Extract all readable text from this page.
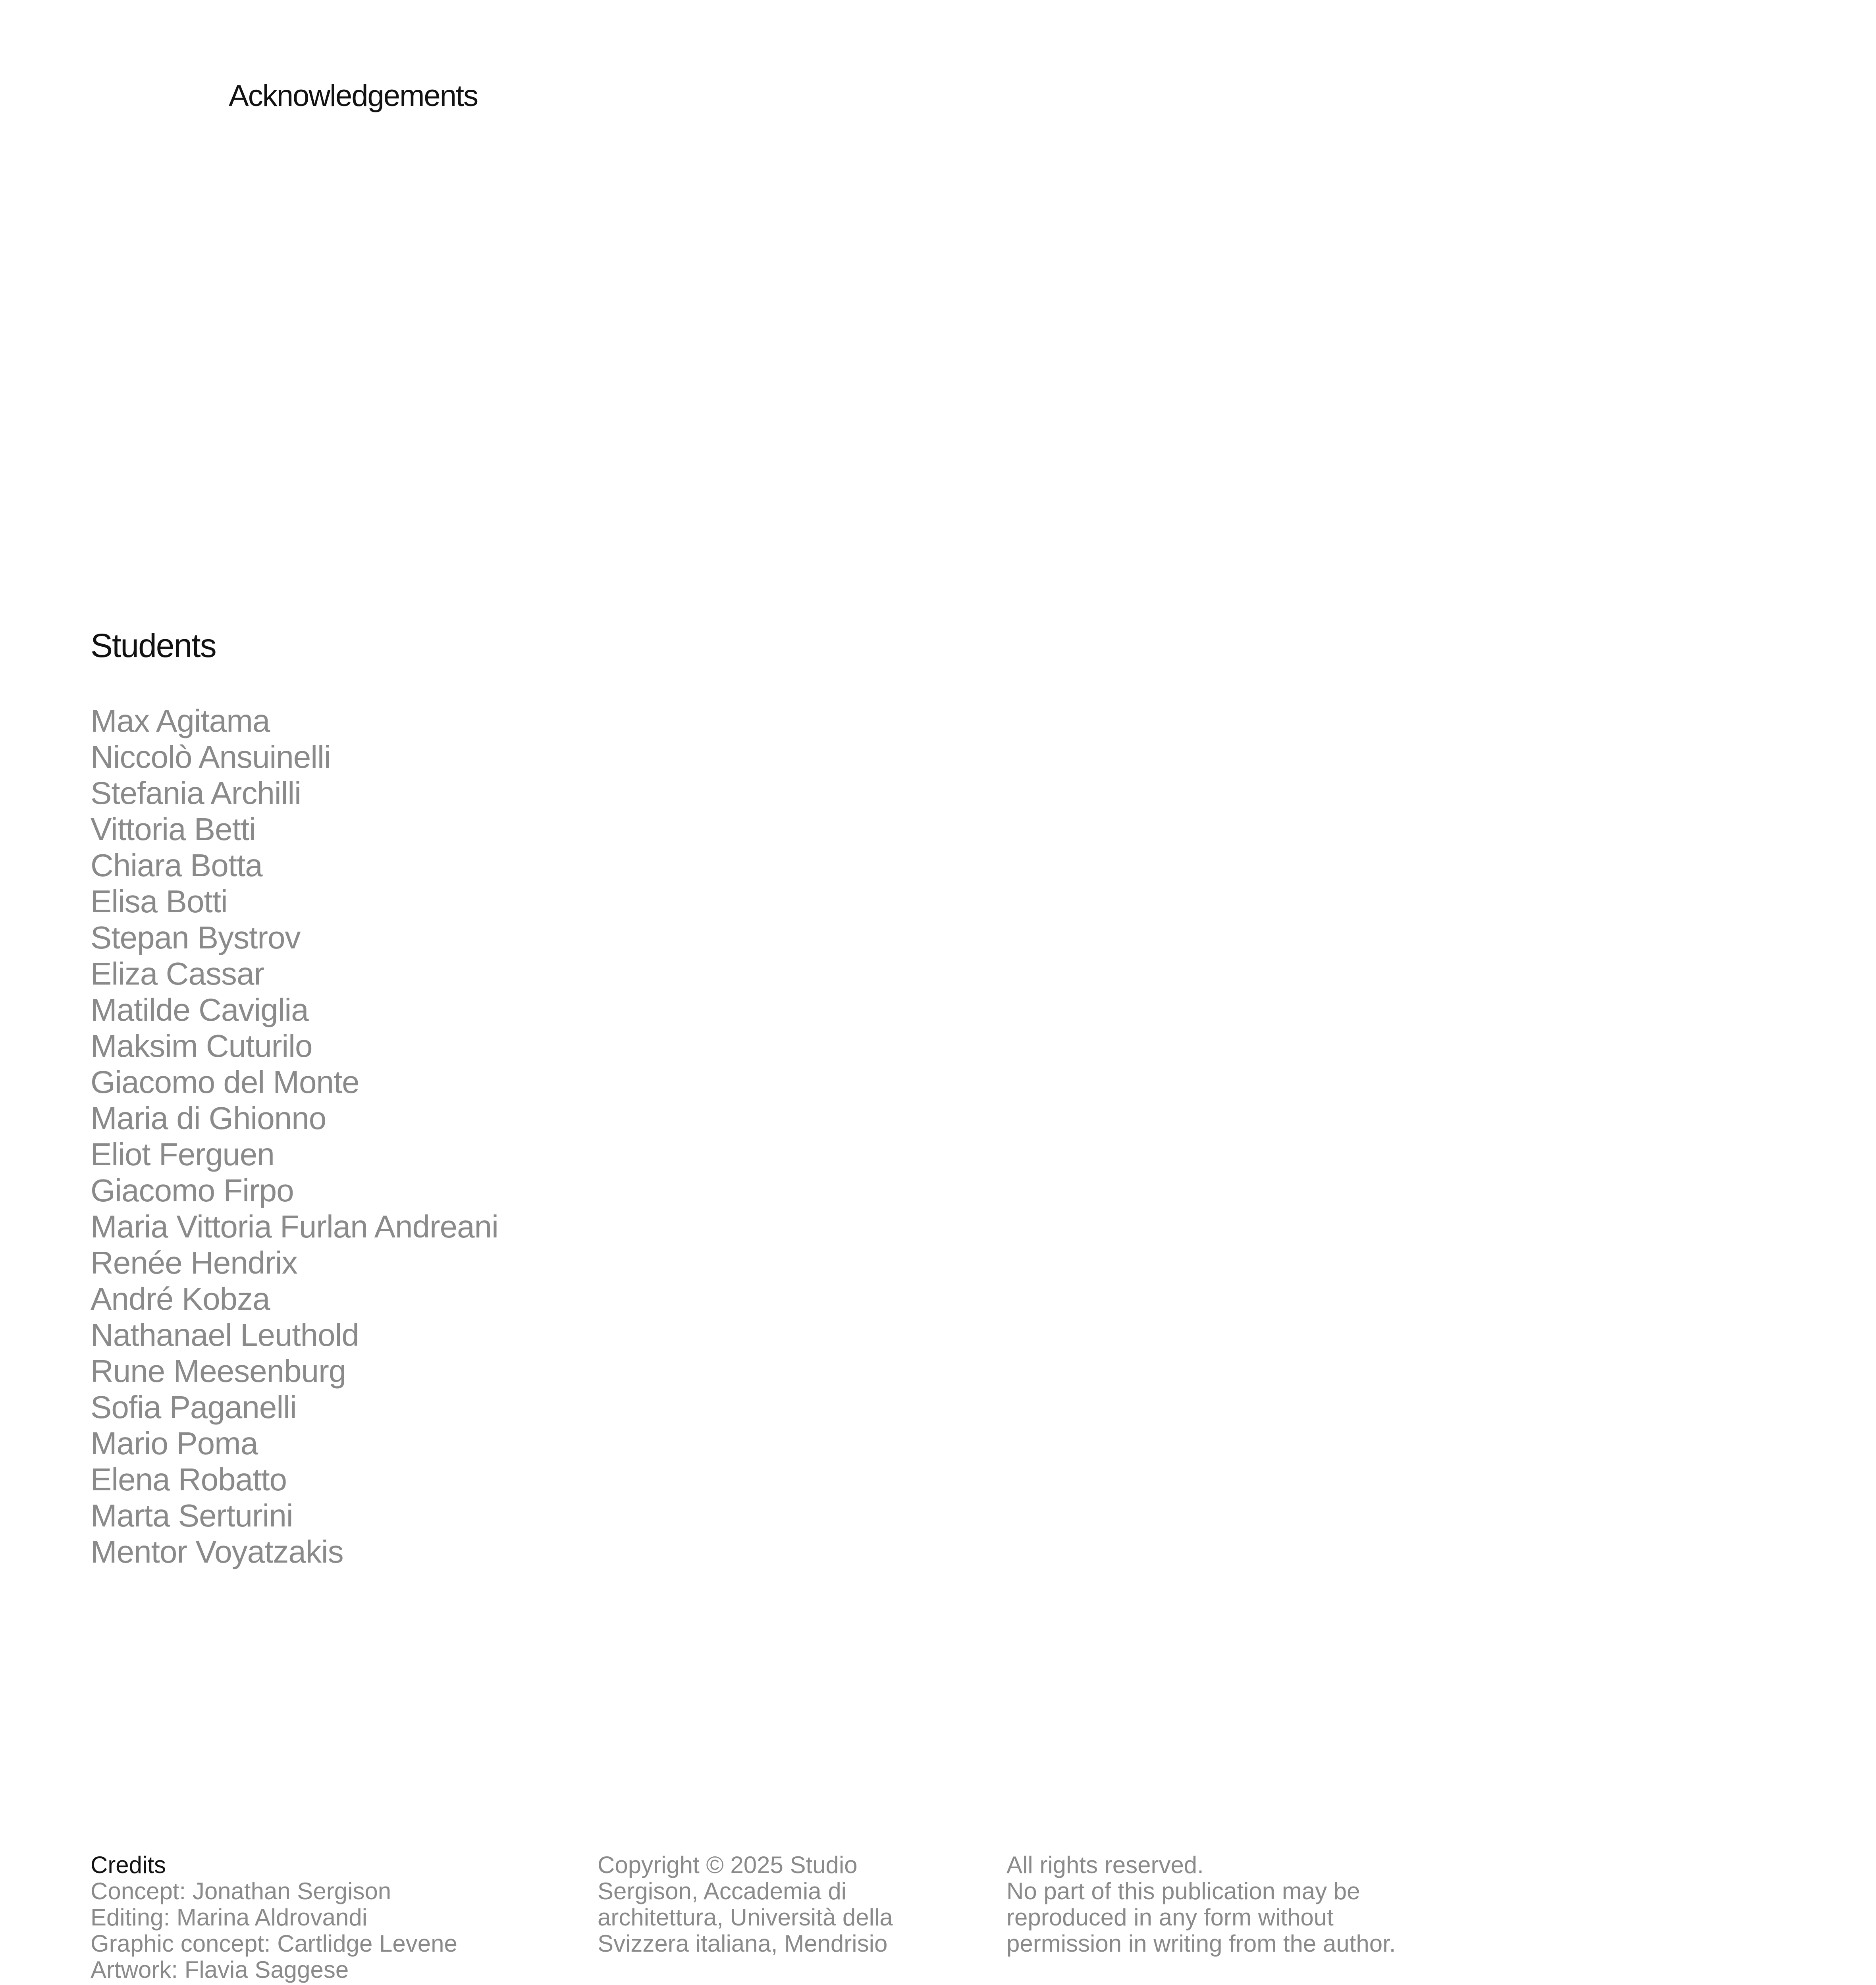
Acknowledgements
Students
Max Agitama
Niccolò Ansuinelli
Stefania Archilli
Vittoria Betti
Chiara Botta
Elisa Botti
Stepan Bystrov
Eliza Cassar
Matilde Caviglia
Maksim Cuturilo
Giacomo del Monte
Maria di Ghionno
Eliot Ferguen
Giacomo Firpo
Maria Vittoria Furlan Andreani
Renée Hendrix
André Kobza
Nathanael Leuthold
Rune Meesenburg
Sofia Paganelli
Mario Poma
Elena Robatto
Marta Serturini
Mentor Voyatzakis
Credits
Concept: Jonathan Sergison
Editing: Marina Aldrovandi
Graphic concept: Cartlidge Levene
Artwork: Flavia Saggese
Copyright © 2025 Studio
Sergison, Accademia di
architettura, Università della
Svizzera italiana, Mendrisio
All rights reserved.
No part of this publication may be
reproduced in any form without
permission in writing from the author.
